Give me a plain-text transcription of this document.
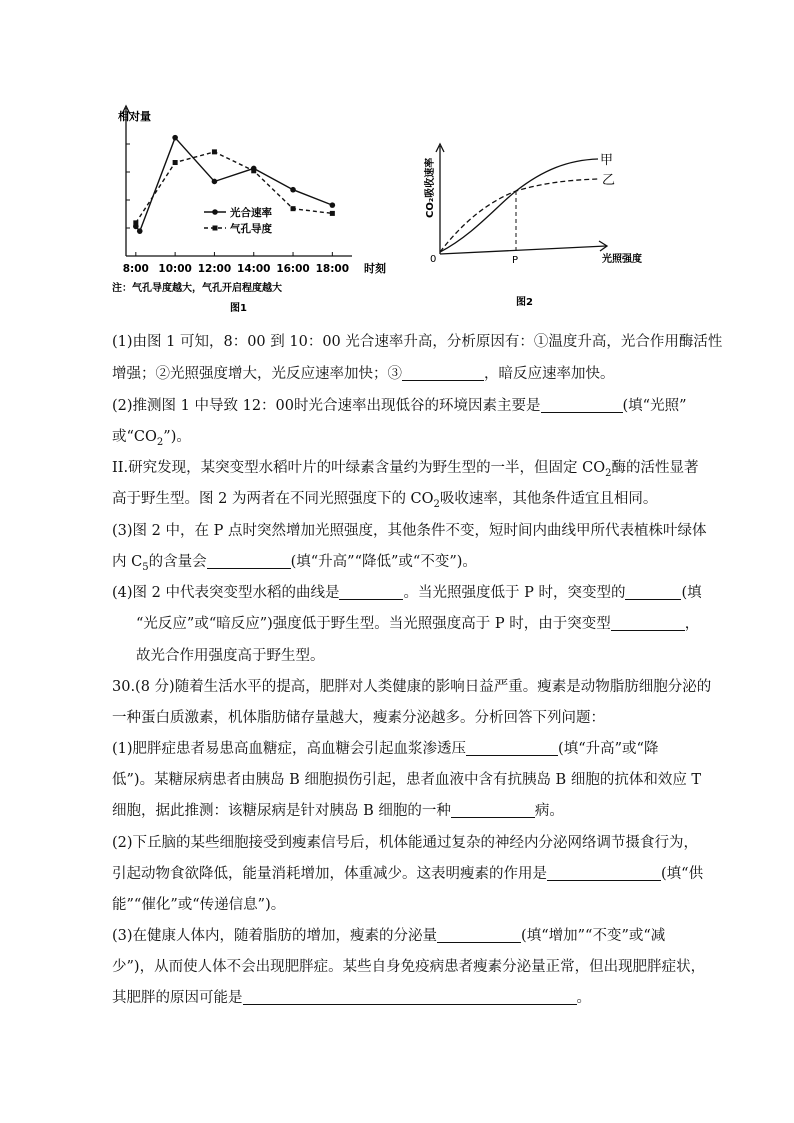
8:00 10:00 12:00 14:00 16:00 18:00
相对量
时刻
光合速率
气孔导度
注：气孔导度越大，气孔开启程度越大
图1
0	P	光照强度
CO₂吸收速率	甲
乙
图2
(1)由图 1 可知，8：00 到 10：00 光合速率升高，分析原因有：①温度升高，光合作用酶活性
增强；②光照强度增大，光反应速率加快；③	，暗反应速率加快。
(2)推测图 1 中导致 12：00时光合速率出现低谷的环境因素主要是	(填“光照”
或“$CO_2$”)。
II.研究发现，某突变型水稻叶片的叶绿素含量约为野生型的一半，但固定 $CO_2$酶的活性显著
高于野生型。图 2 为两者在不同光照强度下的 $CO_2$吸收速率，其他条件适宜且相同。
(3)图 2 中，在 P 点时突然增加光照强度，其他条件不变，短时间内曲线甲所代表植株叶绿体
内 $C_5$的含量会	(填“升高”“降低”或“不变”)。
(4)图 2 中代表突变型水稻的曲线是	。当光照强度低于 P 时，突变型的	(填
“光反应”或“暗反应”)强度低于野生型。当光照强度高于 P 时，由于突变型	，
故光合作用强度高于野生型。
30.(8 分)随着生活水平的提高，肥胖对人类健康的影响日益严重。瘦素是动物脂肪细胞分泌的
一种蛋白质激素，机体脂肪储存量越大，瘦素分泌越多。分析回答下列问题：
(1)肥胖症患者易患高血糖症，高血糖会引起血浆渗透压	(填“升高”或“降
低”)。某糖尿病患者由胰岛 B 细胞损伤引起，患者血液中含有抗胰岛 B 细胞的抗体和效应 T
细胞，据此推测：该糖尿病是针对胰岛 B 细胞的一种	病。
(2)下丘脑的某些细胞接受到瘦素信号后，机体能通过复杂的神经内分泌网络调节摄食行为，
引起动物食欲降低，能量消耗增加，体重减少。这表明瘦素的作用是	(填“供
能”“催化”或“传递信息”)。
(3)在健康人体内，随着脂肪的增加，瘦素的分泌量	(填“增加”“不变”或“减
少”)，从而使人体不会出现肥胖症。某些自身免疫病患者瘦素分泌量正常，但出现肥胖症状，
其肥胖的原因可能是	。
